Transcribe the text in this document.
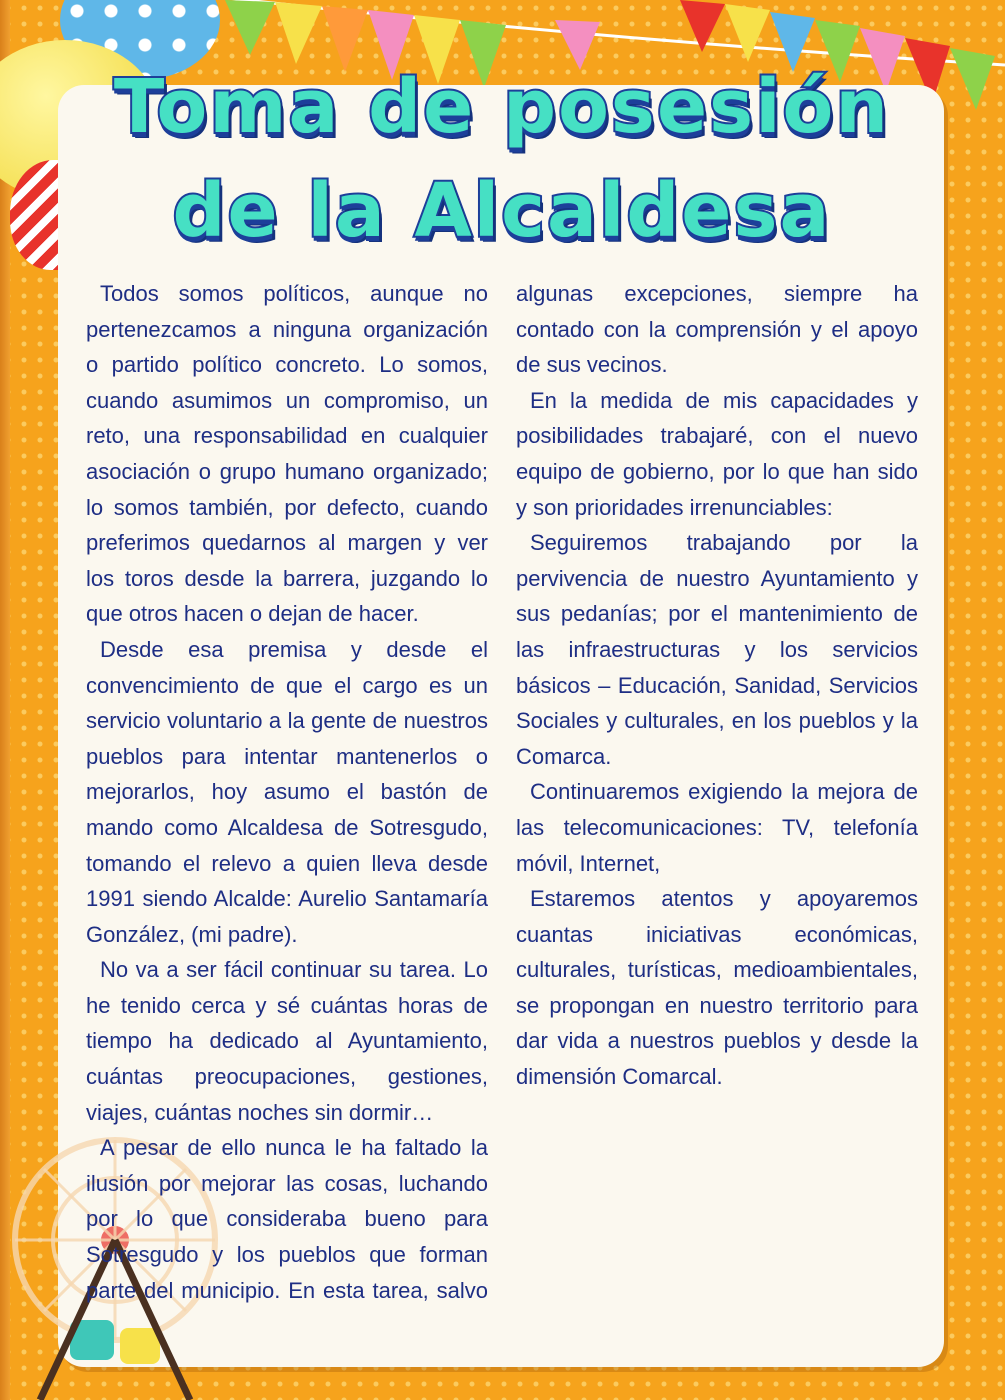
Toma de posesión
de la Alcaldesa

Todos somos políticos, aunque no pertenezcamos a ninguna organización o partido político concreto. Lo somos, cuando asumimos un compromiso, un reto, una responsabilidad en cualquier asociación o grupo humano organizado; lo somos también, por defecto, cuando preferimos quedarnos al margen y ver los toros desde la barrera, juzgando lo que otros hacen o dejan de hacer.

Desde esa premisa y desde el convencimiento de que el cargo es un servicio voluntario a la gente de nuestros pueblos para intentar mantenerlos o mejorarlos, hoy asumo el bastón de mando como Alcaldesa de Sotresgudo, tomando el relevo a quien lleva desde 1991 siendo Alcalde: Aurelio Santamaría González, (mi padre).

No va a ser fácil continuar su tarea. Lo he tenido cerca y sé cuántas horas de tiempo ha dedicado al Ayuntamiento, cuántas preocupaciones, gestiones, viajes, cuántas noches sin dormir…

A pesar de ello nunca le ha faltado la ilusión por mejorar las cosas, luchando por lo que consideraba bueno para Sotresgudo y los pueblos que forman parte del municipio. En esta tarea, salvo algunas excepciones, siempre ha contado con la comprensión y el apoyo de sus vecinos.

En la medida de mis capacidades y posibilidades trabajaré, con el nuevo equipo de gobierno, por lo que han sido y son prioridades irrenunciables:

Seguiremos trabajando por la pervivencia de nuestro Ayuntamiento y sus pedanías; por el mantenimiento de las infraestructuras y los servicios básicos – Educación, Sanidad, Servicios Sociales y culturales, en los pueblos y la Comarca.

Continuaremos exigiendo la mejora de las telecomunicaciones: TV, telefonía móvil, Internet,

Estaremos atentos y apoyaremos cuantas iniciativas económicas, culturales, turísticas, medioambientales, se propongan en nuestro territorio para dar vida a nuestros pueblos y desde la dimensión Comarcal.
